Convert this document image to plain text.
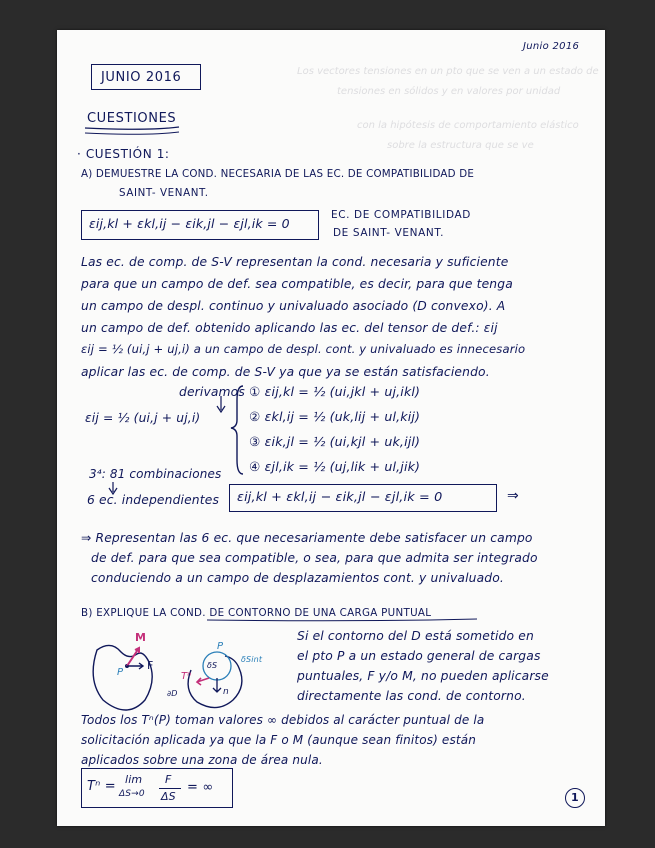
Los vectores tensiones en un pto que se ven a un estado de
tensiones en sólidos y en valores por unidad
con la hipótesis de comportamiento elástico
sobre la estructura que se ve
Junio 2016
JUNIO 2016
CUESTIONES
· CUESTIÓN 1:
A) DEMUESTRE LA COND. NECESARIA DE LAS EC. DE COMPATIBILIDAD DE
SAINT- VENANT.
εij,kl + εkl,ij − εik,jl − εjl,ik = 0
EC. DE COMPATIBILIDAD
DE SAINT- VENANT.
Las ec. de comp. de S-V representan la cond. necesaria y suficiente
para que un campo de def. sea compatible, es decir, para que tenga
un campo de despl. continuo y univaluado asociado (D convexo). A
un campo de def. obtenido aplicando las ec. del tensor de def.: εij
εij = ½ (ui,j + uj,i) a un campo de despl. cont. y univaluado es innecesario
aplicar las ec. de comp. de S-V ya que ya se están satisfaciendo.
derivamos
εij = ½ (ui,j + uj,i)
① εij,kl = ½ (ui,jkl + uj,ikl)
② εkl,ij = ½ (uk,lij + ul,kij)
③ εik,jl = ½ (ui,kjl + uk,ijl)
④ εjl,ik = ½ (uj,lik + ul,jik)
3⁴: 81 combinaciones
6 ec. independientes εij,kl + εkl,ij − εik,jl − εjl,ik = 0	⇒
⇒ Representan las 6 ec. que necesariamente debe satisfacer un campo
de def. para que sea compatible, o sea, para que admita ser integrado
conduciendo a un campo de desplazamientos cont. y univaluado.
B) EXPLIQUE LA COND. DE CONTORNO DE UNA CARGA PUNTUAL
Si el contorno del D está sometido en
el pto P a un estado general de cargas
puntuales, F y/o M, no pueden aplicarse
directamente las cond. de contorno.
Todos los Tⁿ(P) toman valores ∞ debidos al carácter puntual de la
solicitación aplicada ya que la F o M (aunque sean finitos) están
aplicados sobre una zona de área nula.
Tⁿ = lim
ΔS→0
F
ΔS
= ∞
1
M
F
P
P
Tⁿ
δS
δSint
∂D	n
